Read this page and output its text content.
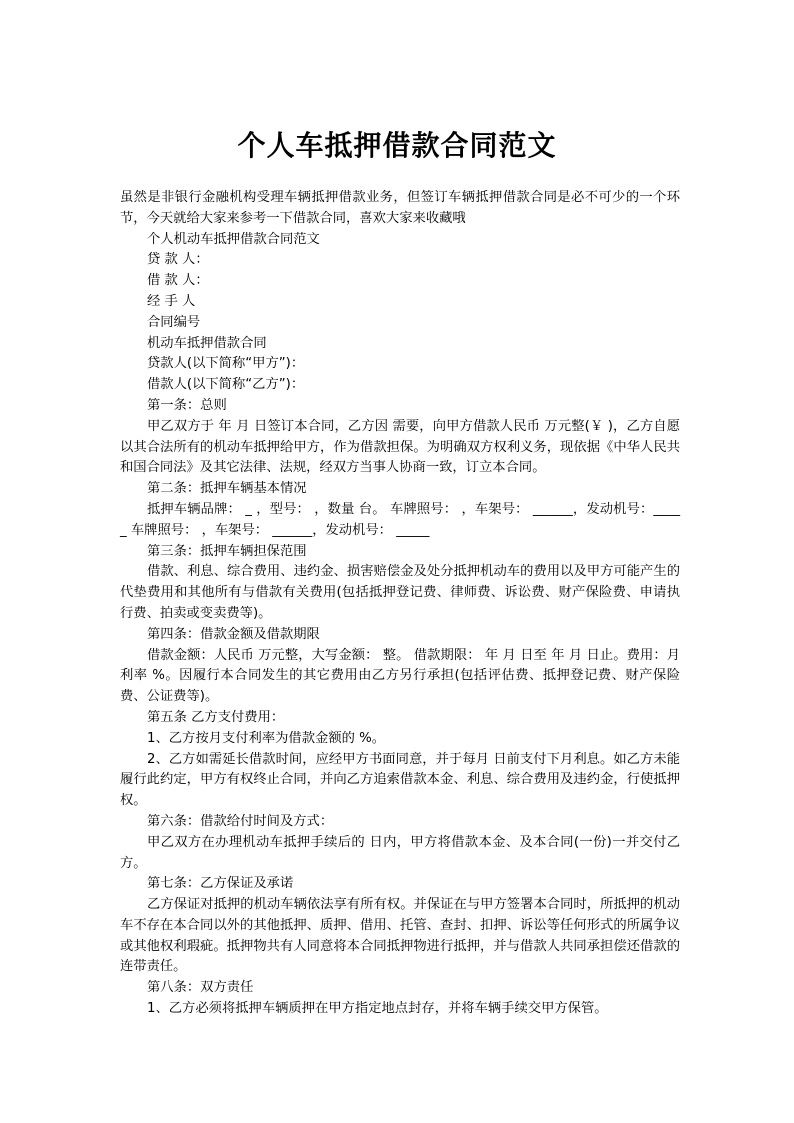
个人车抵押借款合同范文

虽然是非银行金融机构受理车辆抵押借款业务，但签订车辆抵押借款合同是必不可少的一个环节，今天就给大家来参考一下借款合同，喜欢大家来收藏哦

个人机动车抵押借款合同范文

贷 款 人：

借 款 人：

经 手 人

合同编号

机动车抵押借款合同

贷款人(以下简称“甲方”)：

借款人(以下简称“乙方”)：

第一条：总则

甲乙双方于 年 月 日签订本合同，乙方因 需要，向甲方借款人民币 万元整(￥ )，乙方自愿以其合法所有的机动车抵押给甲方，作为借款担保。为明确双方权利义务，现依据《中华人民共和国合同法》及其它法律、法规，经双方当事人协商一致，订立本合同。

第二条：抵押车辆基本情况

抵押车辆品牌： _ ，型号： ，数量 台。 车牌照号： ，车架号： ______，发动机号：_____ 车牌照号： ，车架号： ______，发动机号： _____

第三条：抵押车辆担保范围

借款、利息、综合费用、违约金、损害赔偿金及处分抵押机动车的费用以及甲方可能产生的代垫费用和其他所有与借款有关费用(包括抵押登记费、律师费、诉讼费、财产保险费、申请执行费、拍卖或变卖费等)。

第四条：借款金额及借款期限

借款金额：人民币 万元整，大写金额： 整。 借款期限： 年 月 日至 年 月 日止。费用：月利率 %。因履行本合同发生的其它费用由乙方另行承担(包括评估费、抵押登记费、财产保险费、公证费等)。

第五条 乙方支付费用：

1、乙方按月支付利率为借款金额的 %。

2、乙方如需延长借款时间，应经甲方书面同意，并于每月 日前支付下月利息。如乙方未能履行此约定，甲方有权终止合同，并向乙方追索借款本金、利息、综合费用及违约金，行使抵押权。

第六条：借款给付时间及方式：

甲乙双方在办理机动车抵押手续后的 日内，甲方将借款本金、及本合同(一份)一并交付乙方。

第七条：乙方保证及承诺

乙方保证对抵押的机动车辆依法享有所有权。并保证在与甲方签署本合同时，所抵押的机动车不存在本合同以外的其他抵押、质押、借用、托管、查封、扣押、诉讼等任何形式的所属争议或其他权利瑕疵。抵押物共有人同意将本合同抵押物进行抵押，并与借款人共同承担偿还借款的连带责任。

第八条：双方责任

1、乙方必须将抵押车辆质押在甲方指定地点封存，并将车辆手续交甲方保管。
